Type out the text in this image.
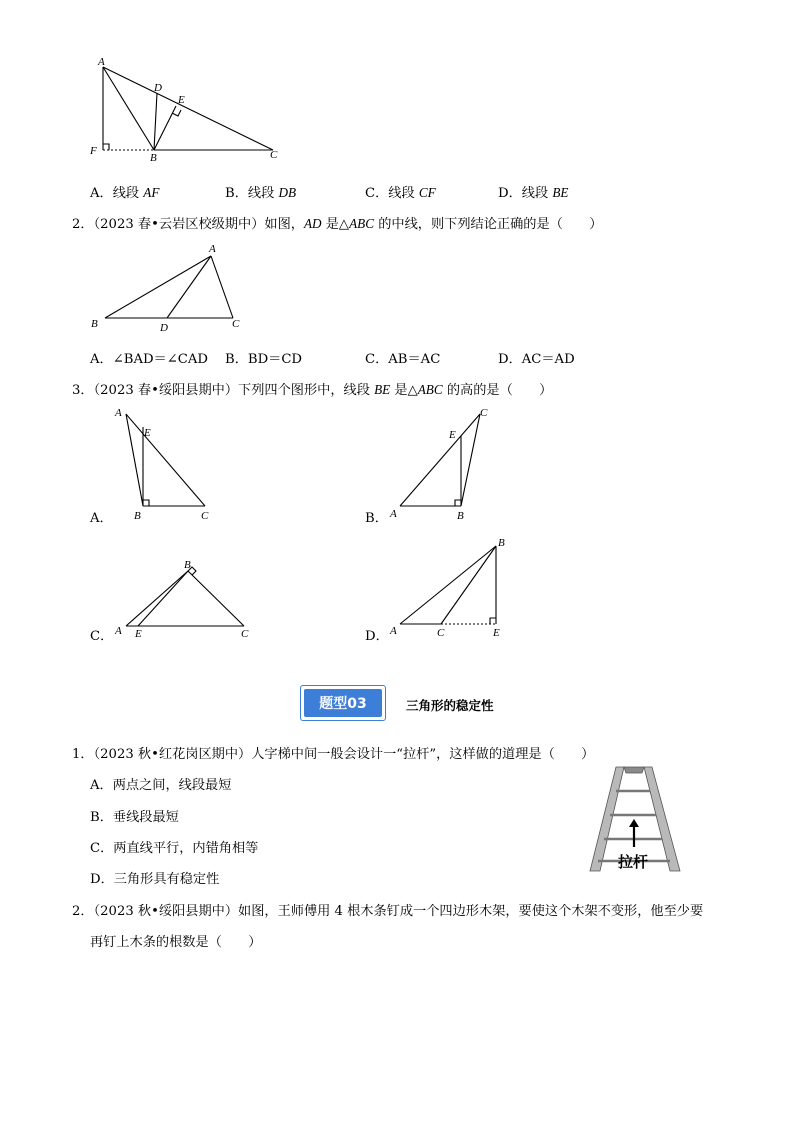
A
D
E
F
B	C
A．线段 AF	B．线段 DB	C．线段 CF	D．线段 BE
2．（2023 春•云岩区校级期中）如图，AD 是△ABC 的中线，则下列结论正确的是（　　）
A
B	D	C
A．∠BAD＝∠CAD B．BD＝CD	C．AB＝AC	D．AC＝AD
3．（2023 春•绥阳县期中）下列四个图形中，线段 BE 是△ABC 的高的是（　　）
A
E
B	C
A．
C
E
A	B
B．
B
A E	C
C．
B
A	C	E
D．
题型03	三角形的稳定性
1．（2023 秋•红花岗区期中）人字梯中间一般会设计一“拉杆”，这样做的道理是（　　）
A．两点之间，线段最短
B．垂线段最短
C．两直线平行，内错角相等
D．三角形具有稳定性
拉杆
2．（2023 秋•绥阳县期中）如图，王师傅用 4 根木条钉成一个四边形木架，要使这个木架不变形，他至少要
再钉上木条的根数是（　　）
